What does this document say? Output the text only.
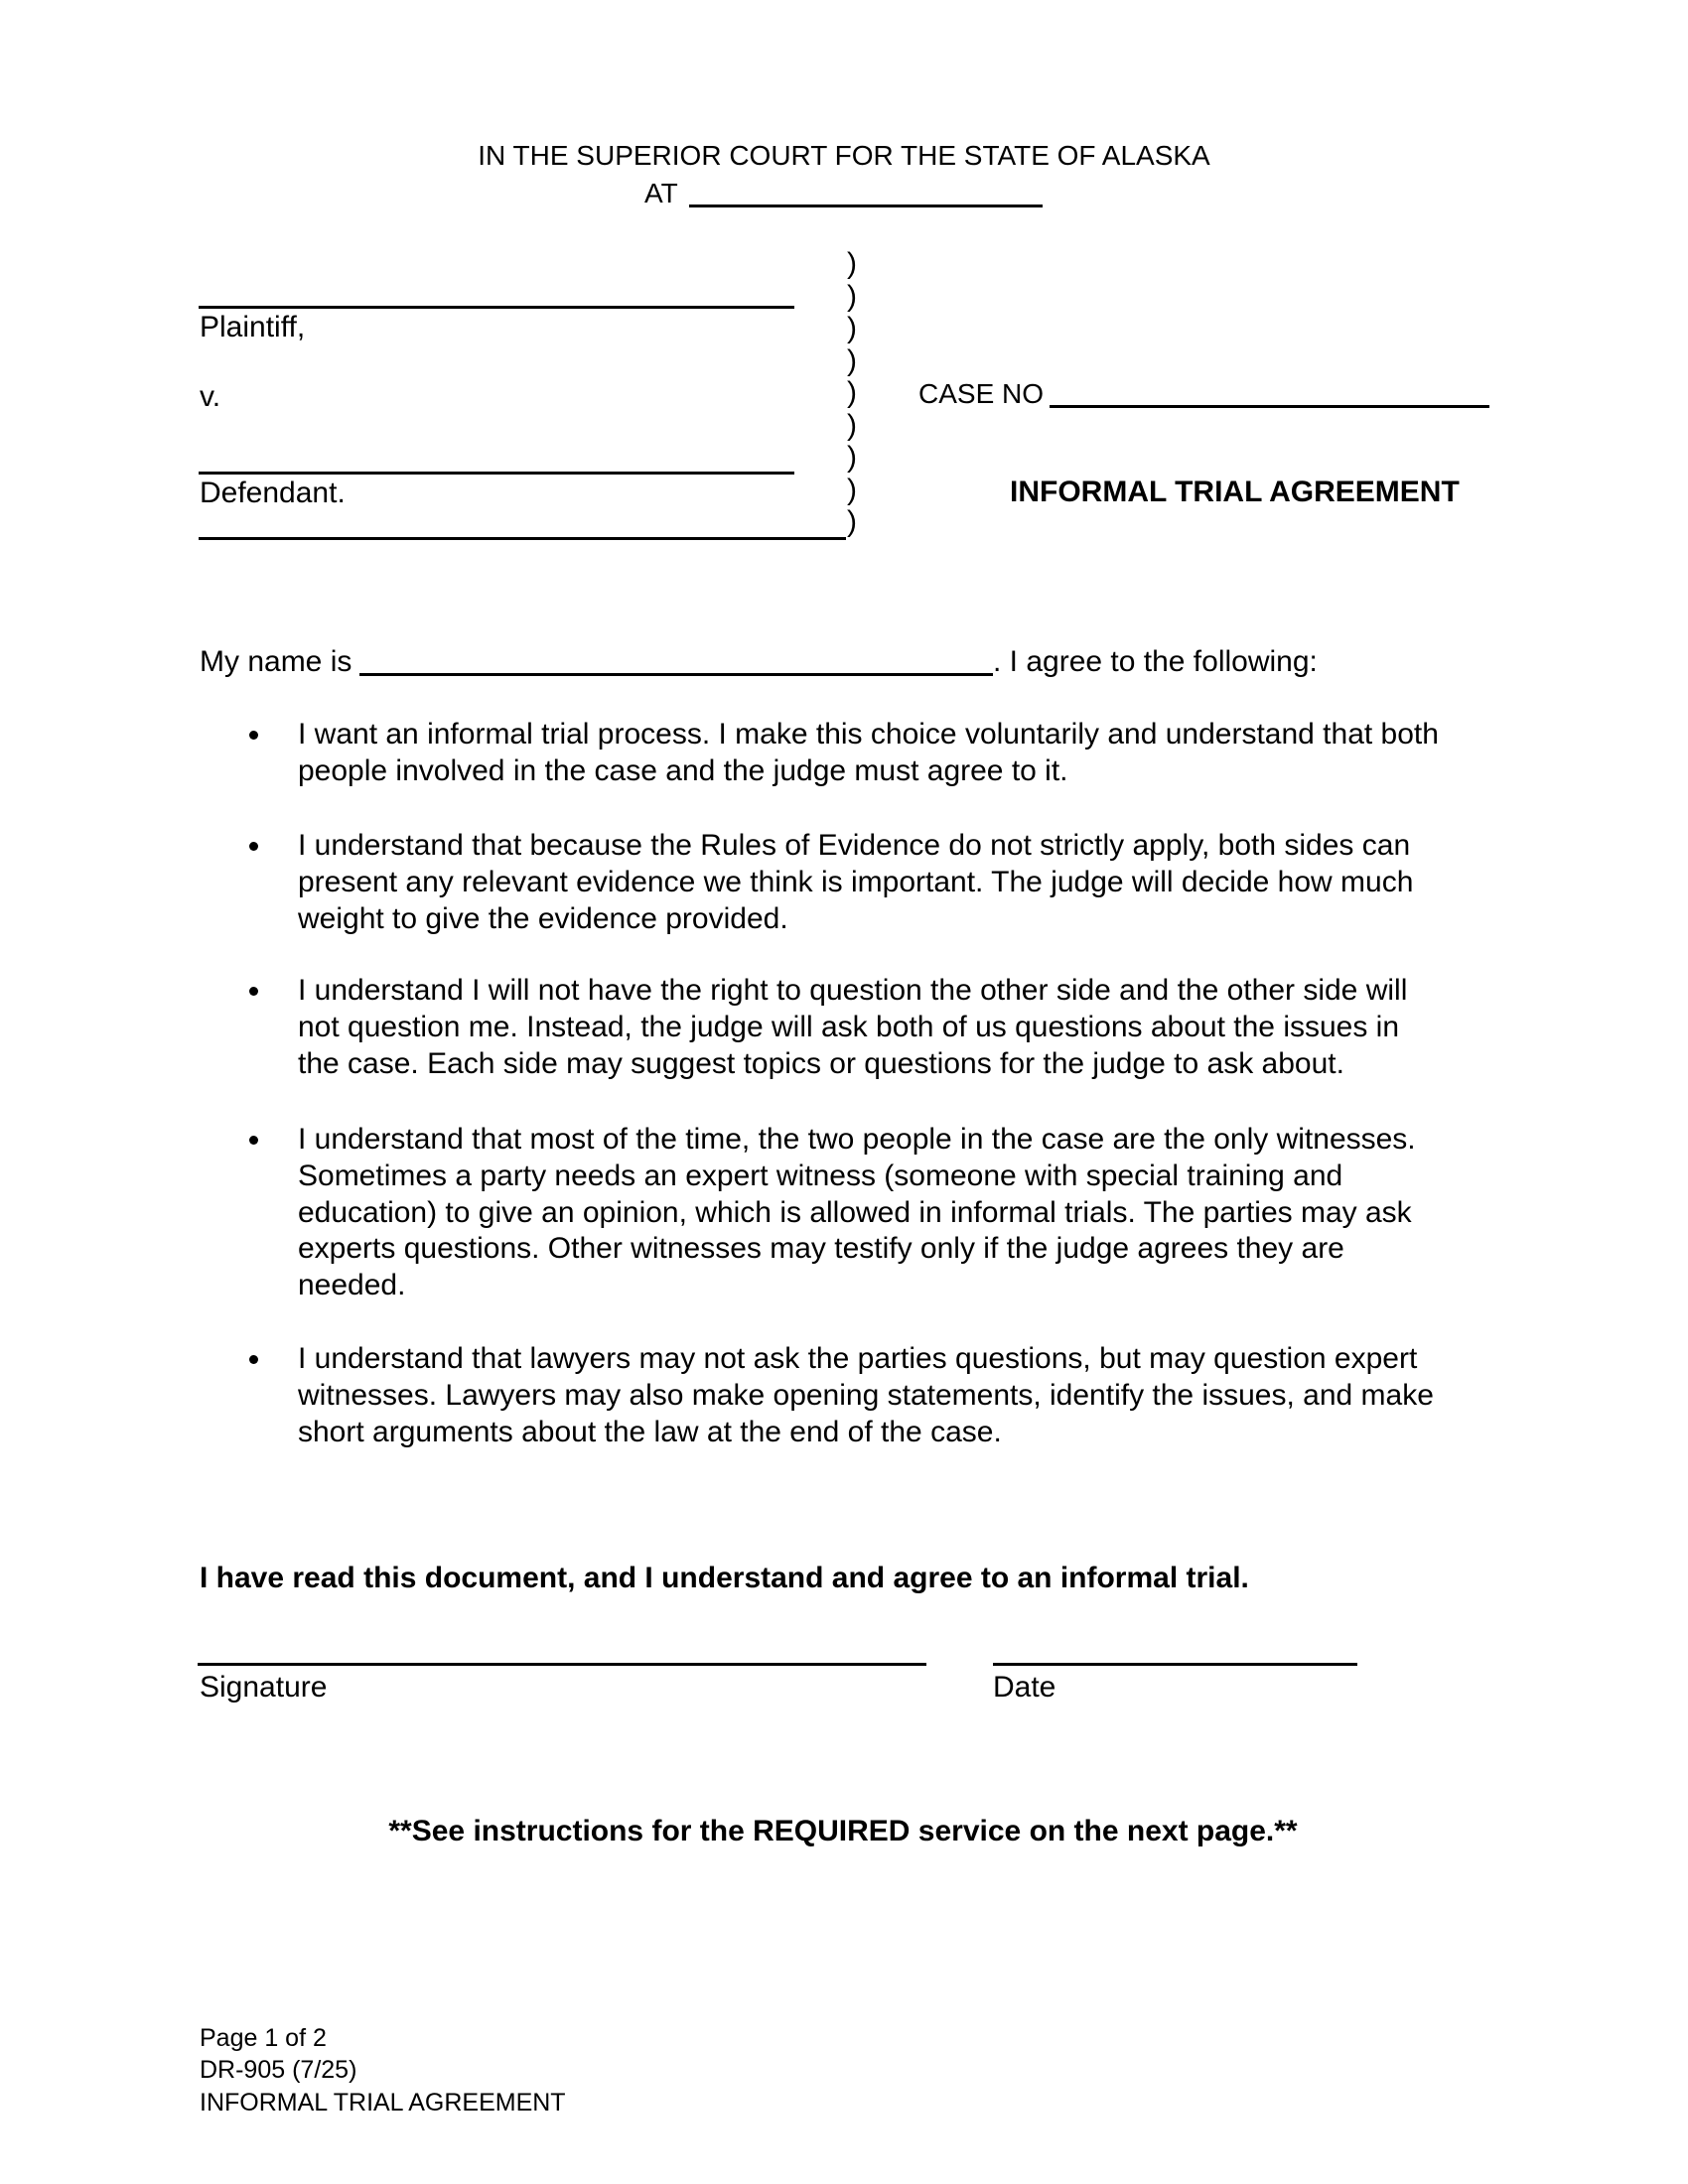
IN THE SUPERIOR COURT FOR THE STATE OF ALASKA
AT
Plaintiff,
v.
Defendant.
)
)
)
)
)
)
)
)
)
CASE NO
INFORMAL TRIAL AGREEMENT
My name is	. I agree to the following:
I want an informal trial process. I make this choice voluntarily and understand that both
people involved in the case and the judge must agree to it.
I understand that because the Rules of Evidence do not strictly apply, both sides can
present any relevant evidence we think is important. The judge will decide how much
weight to give the evidence provided.
I understand I will not have the right to question the other side and the other side will
not question me. Instead, the judge will ask both of us questions about the issues in
the case. Each side may suggest topics or questions for the judge to ask about.
I understand that most of the time, the two people in the case are the only witnesses.
Sometimes a party needs an expert witness (someone with special training and
education) to give an opinion, which is allowed in informal trials. The parties may ask
experts questions. Other witnesses may testify only if the judge agrees they are
needed.
I understand that lawyers may not ask the parties questions, but may question expert
witnesses. Lawyers may also make opening statements, identify the issues, and make
short arguments about the law at the end of the case.
I have read this document, and I understand and agree to an informal trial.
Signature	Date
**See instructions for the REQUIRED service on the next page.**
Page 1 of 2
DR-905 (7/25)
INFORMAL TRIAL AGREEMENT
